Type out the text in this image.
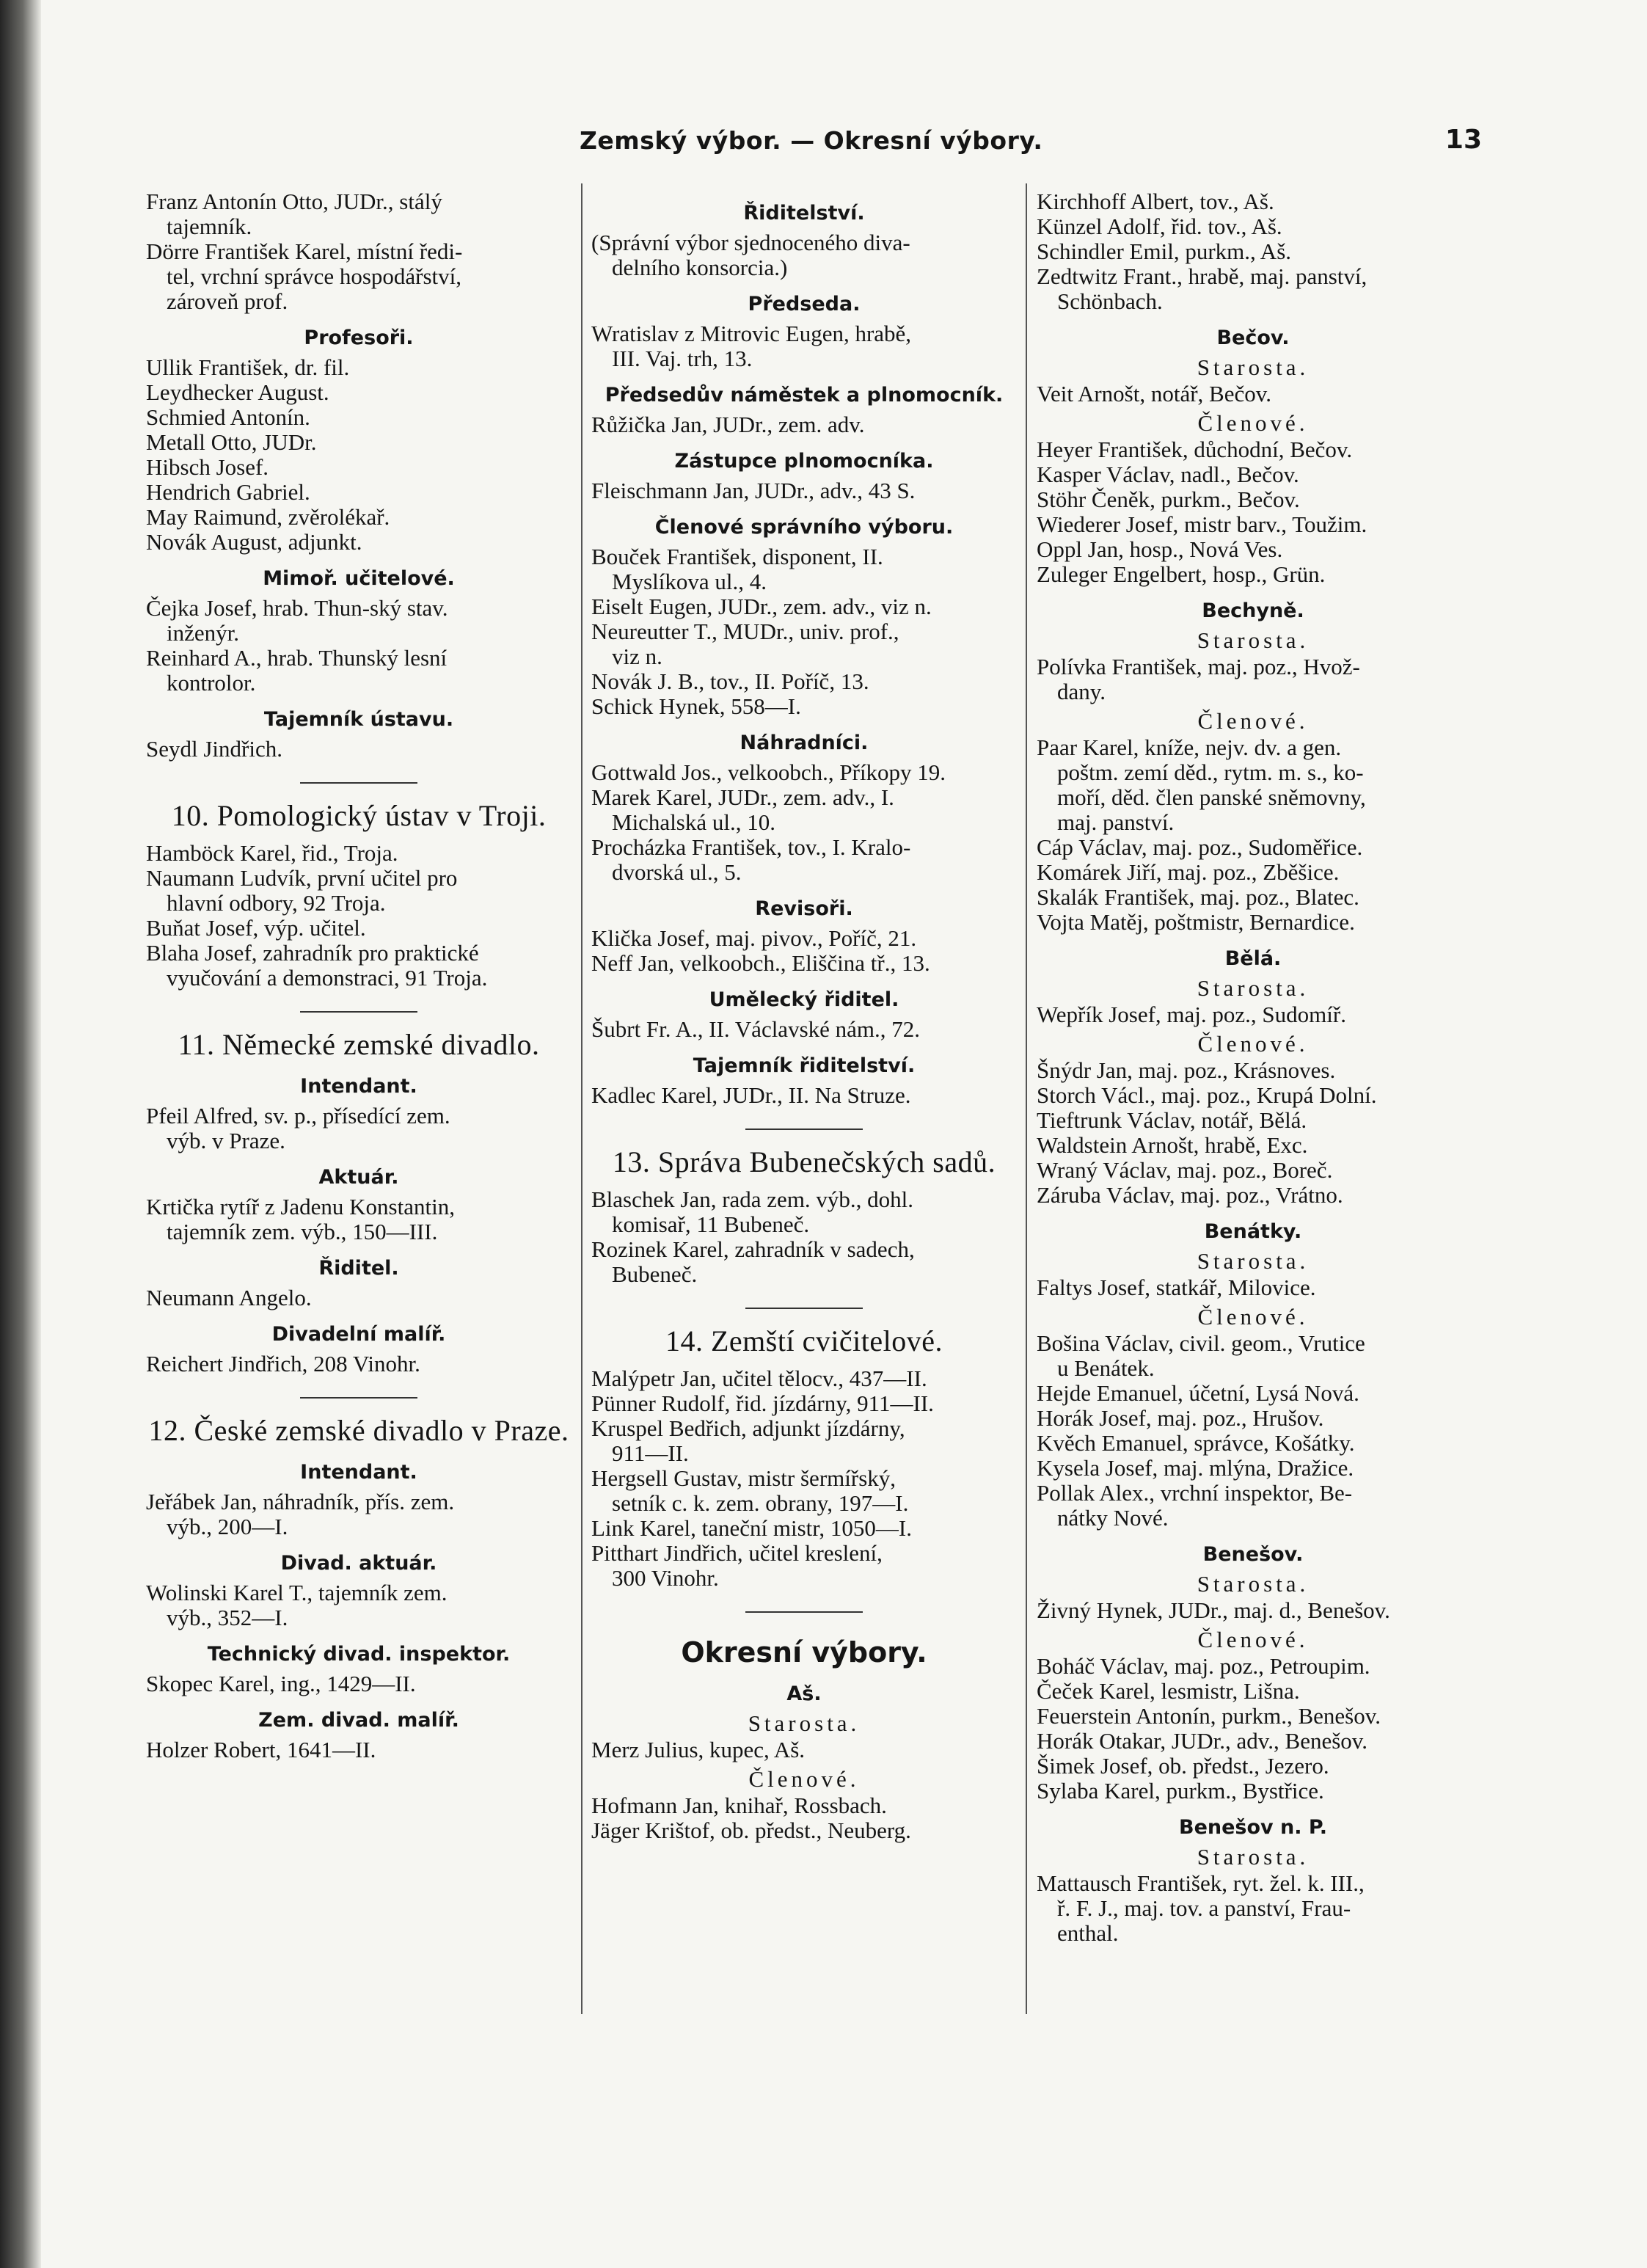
Zemský výbor. — Okresní výbory.	13
Franz Antonín Otto, JUDr., stálý
tajemník.
Dörre František Karel, místní ředi-
tel, vrchní správce hospodářství,
zároveň prof.
Profesoři.
Ullik František, dr. fil.
Leydhecker August.
Schmied Antonín.
Metall Otto, JUDr.
Hibsch Josef.
Hendrich Gabriel.
May Raimund, zvěrolékař.
Novák August, adjunkt.
Mimoř. učitelové.
Čejka Josef, hrab. Thun-ský stav.
inženýr.
Reinhard A., hrab. Thunský lesní
kontrolor.
Tajemník ústavu.
Seydl Jindřich.
10. Pomologický ústav v Troji.
Hamböck Karel, řid., Troja.
Naumann Ludvík, první učitel pro
hlavní odbory, 92 Troja.
Buňat Josef, výp. učitel.
Blaha Josef, zahradník pro praktické
vyučování a demonstraci, 91 Troja.
11. Německé zemské divadlo.
Intendant.
Pfeil Alfred, sv. p., přísedící zem.
výb. v Praze.
Aktuár.
Krtička rytíř z Jadenu Konstantin,
tajemník zem. výb., 150—III.
Řiditel.
Neumann Angelo.
Divadelní malíř.
Reichert Jindřich, 208 Vinohr.
12. České zemské divadlo v Praze.
Intendant.
Jeřábek Jan, náhradník, přís. zem.
výb., 200—I.
Divad. aktuár.
Wolinski Karel T., tajemník zem.
výb., 352—I.
Technický divad. inspektor.
Skopec Karel, ing., 1429—II.
Zem. divad. malíř.
Holzer Robert, 1641—II.
Řiditelství.
(Správní výbor sjednoceného diva-
delního konsorcia.)
Předseda.
Wratislav z Mitrovic Eugen, hrabě,
III. Vaj. trh, 13.
Předsedův náměstek a plnomocník.
Růžička Jan, JUDr., zem. adv.
Zástupce plnomocníka.
Fleischmann Jan, JUDr., adv., 43 S.
Členové správního výboru.
Bouček František, disponent, II.
Myslíkova ul., 4.
Eiselt Eugen, JUDr., zem. adv., viz n.
Neureutter T., MUDr., univ. prof.,
viz n.
Novák J. B., tov., II. Poříč, 13.
Schick Hynek, 558—I.
Náhradníci.
Gottwald Jos., velkoobch., Příkopy 19.
Marek Karel, JUDr., zem. adv., I.
Michalská ul., 10.
Procházka František, tov., I. Kralo-
dvorská ul., 5.
Revisoři.
Klička Josef, maj. pivov., Poříč, 21.
Neff Jan, velkoobch., Eliščina tř., 13.
Umělecký řiditel.
Šubrt Fr. A., II. Václavské nám., 72.
Tajemník řiditelství.
Kadlec Karel, JUDr., II. Na Struze.
13. Správa Bubenečských sadů.
Blaschek Jan, rada zem. výb., dohl.
komisař, 11 Bubeneč.
Rozinek Karel, zahradník v sadech,
Bubeneč.
14. Zemští cvičitelové.
Malýpetr Jan, učitel tělocv., 437—II.
Pünner Rudolf, řid. jízdárny, 911—II.
Kruspel Bedřich, adjunkt jízdárny,
911—II.
Hergsell Gustav, mistr šermířský,
setník c. k. zem. obrany, 197—I.
Link Karel, taneční mistr, 1050—I.
Pitthart Jindřich, učitel kreslení,
300 Vinohr.
Okresní výbory.
Aš.
Starosta.
Merz Julius, kupec, Aš.
Členové.
Hofmann Jan, knihař, Rossbach.
Jäger Krištof, ob. předst., Neuberg.
Kirchhoff Albert, tov., Aš.
Künzel Adolf, řid. tov., Aš.
Schindler Emil, purkm., Aš.
Zedtwitz Frant., hrabě, maj. panství,
Schönbach.
Bečov.
Starosta.
Veit Arnošt, notář, Bečov.
Členové.
Heyer František, důchodní, Bečov.
Kasper Václav, nadl., Bečov.
Stöhr Čeněk, purkm., Bečov.
Wiederer Josef, mistr barv., Toužim.
Oppl Jan, hosp., Nová Ves.
Zuleger Engelbert, hosp., Grün.
Bechyně.
Starosta.
Polívka František, maj. poz., Hvož-
dany.
Členové.
Paar Karel, kníže, nejv. dv. a gen.
poštm. zemí děd., rytm. m. s., ko-
moří, děd. člen panské sněmovny,
maj. panství.
Cáp Václav, maj. poz., Sudoměřice.
Komárek Jiří, maj. poz., Zběšice.
Skalák František, maj. poz., Blatec.
Vojta Matěj, poštmistr, Bernardice.
Bělá.
Starosta.
Wepřík Josef, maj. poz., Sudomíř.
Členové.
Šnýdr Jan, maj. poz., Krásnoves.
Storch Václ., maj. poz., Krupá Dolní.
Tieftrunk Václav, notář, Bělá.
Waldstein Arnošt, hrabě, Exc.
Wraný Václav, maj. poz., Boreč.
Záruba Václav, maj. poz., Vrátno.
Benátky.
Starosta.
Faltys Josef, statkář, Milovice.
Členové.
Bošina Václav, civil. geom., Vrutice
u Benátek.
Hejde Emanuel, účetní, Lysá Nová.
Horák Josef, maj. poz., Hrušov.
Kvěch Emanuel, správce, Košátky.
Kysela Josef, maj. mlýna, Dražice.
Pollak Alex., vrchní inspektor, Be-
nátky Nové.
Benešov.
Starosta.
Živný Hynek, JUDr., maj. d., Benešov.
Členové.
Boháč Václav, maj. poz., Petroupim.
Čeček Karel, lesmistr, Lišna.
Feuerstein Antonín, purkm., Benešov.
Horák Otakar, JUDr., adv., Benešov.
Šimek Josef, ob. předst., Jezero.
Sylaba Karel, purkm., Bystřice.
Benešov n. P.
Starosta.
Mattausch František, ryt. žel. k. III.,
ř. F. J., maj. tov. a panství, Frau-
enthal.
